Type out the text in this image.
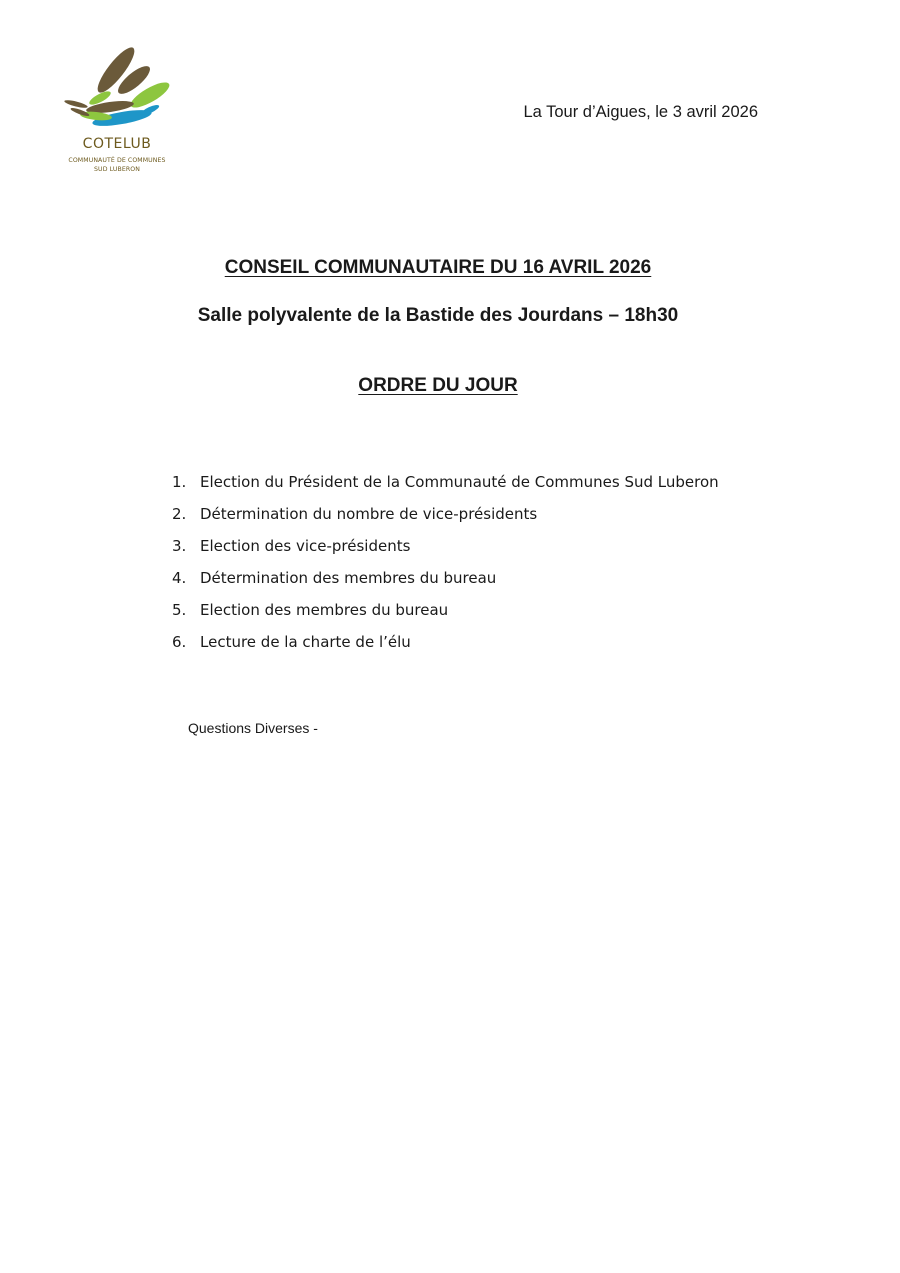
COTELUB
COMMUNAUTÉ DE COMMUNES
SUD LUBERON
La Tour d’Aigues, le 3 avril 2026
CONSEIL COMMUNAUTAIRE DU 16 AVRIL 2026
Salle polyvalente de la Bastide des Jourdans – 18h30
ORDRE DU JOUR
1. Election du Président de la Communauté de Communes Sud Luberon
2. Détermination du nombre de vice-présidents
3. Election des vice-présidents
4. Détermination des membres du bureau
5. Election des membres du bureau
6. Lecture de la charte de l’élu
Questions Diverses -
